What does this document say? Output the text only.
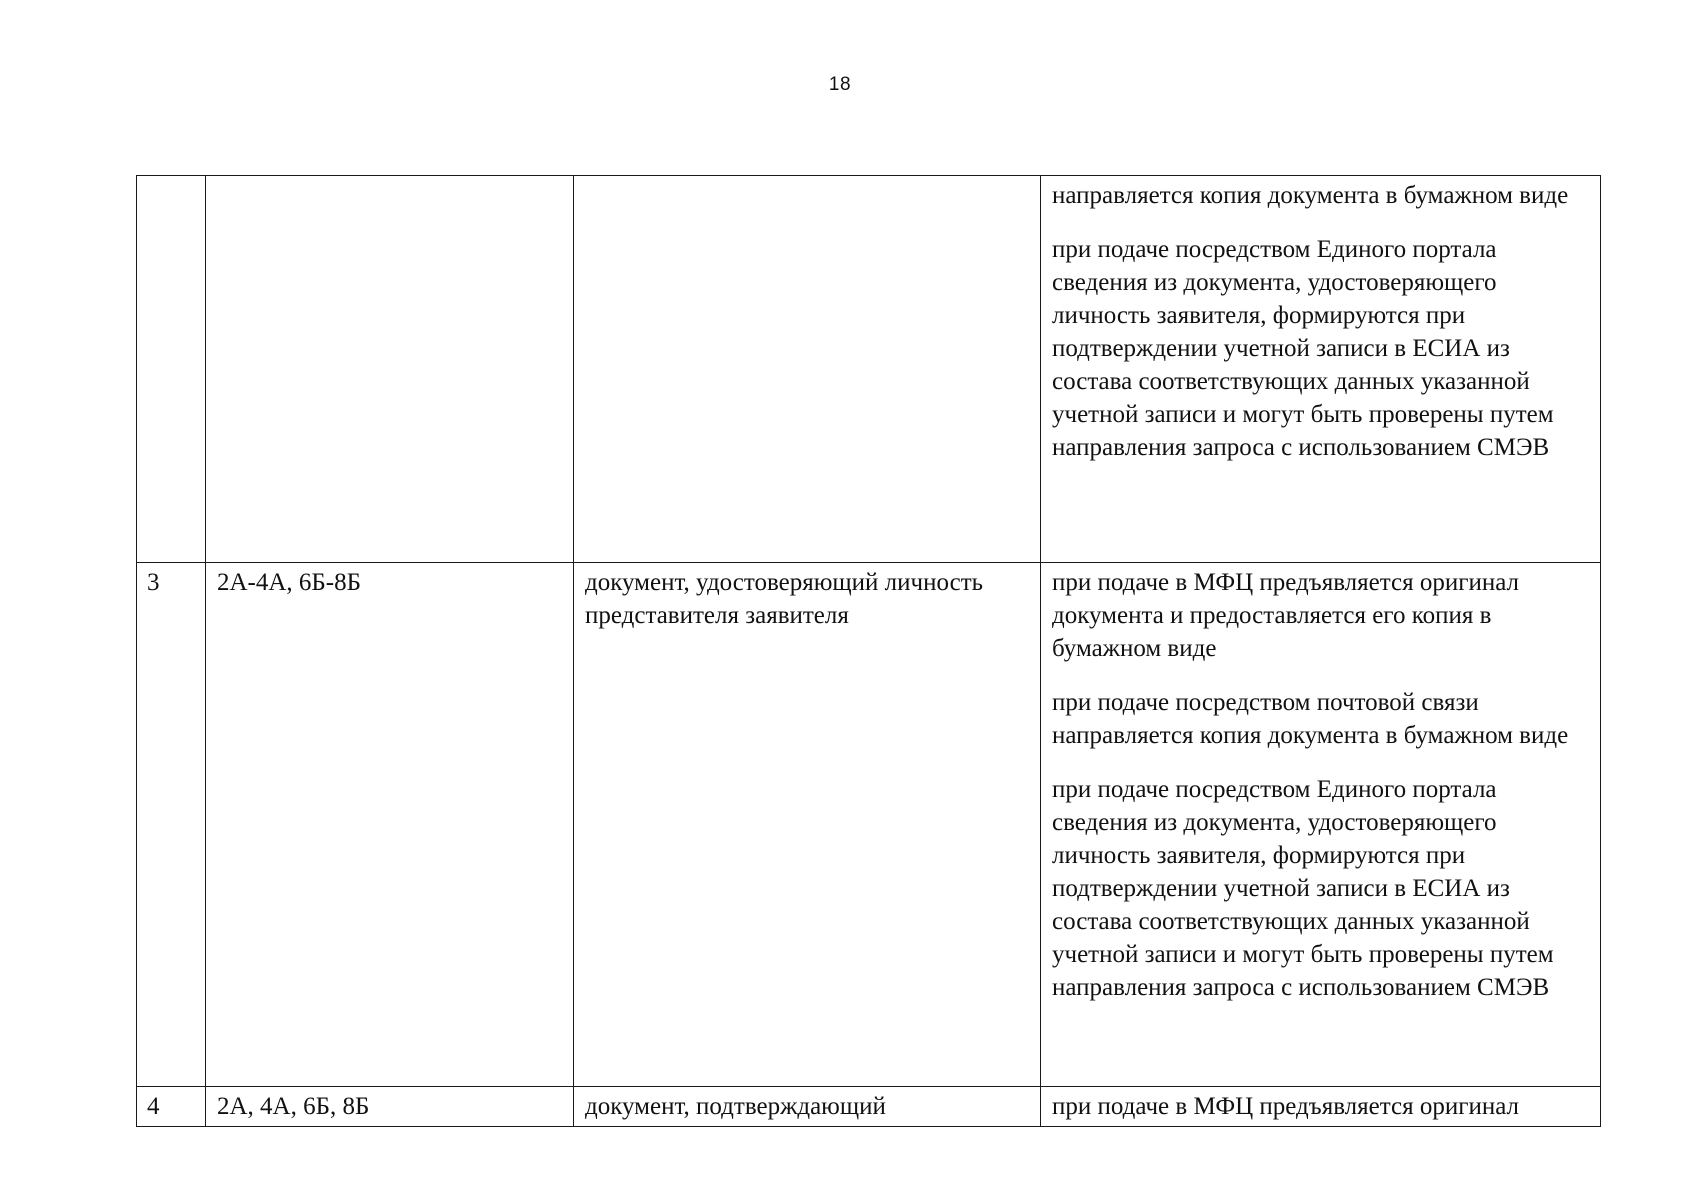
18

			направляется копия документа в бумажном виде

при подаче посредством Единого портала сведения из документа, удостоверяющего личность заявителя, формируются при подтверждении учетной записи в ЕСИА из состава соответствующих данных указанной учетной записи и могут быть проверены путем направления запроса с использованием СМЭВ

3	2А-4А, 6Б-8Б	документ, удостоверяющий личность представителя заявителя	при подаче в МФЦ предъявляется оригинал документа и предоставляется его копия в бумажном виде

при подаче посредством почтовой связи направляется копия документа в бумажном виде

при подаче посредством Единого портала сведения из документа, удостоверяющего личность заявителя, формируются при подтверждении учетной записи в ЕСИА из состава соответствующих данных указанной учетной записи и могут быть проверены путем направления запроса с использованием СМЭВ

4	2А, 4А, 6Б, 8Б	документ, подтверждающий	при подаче в МФЦ предъявляется оригинал
